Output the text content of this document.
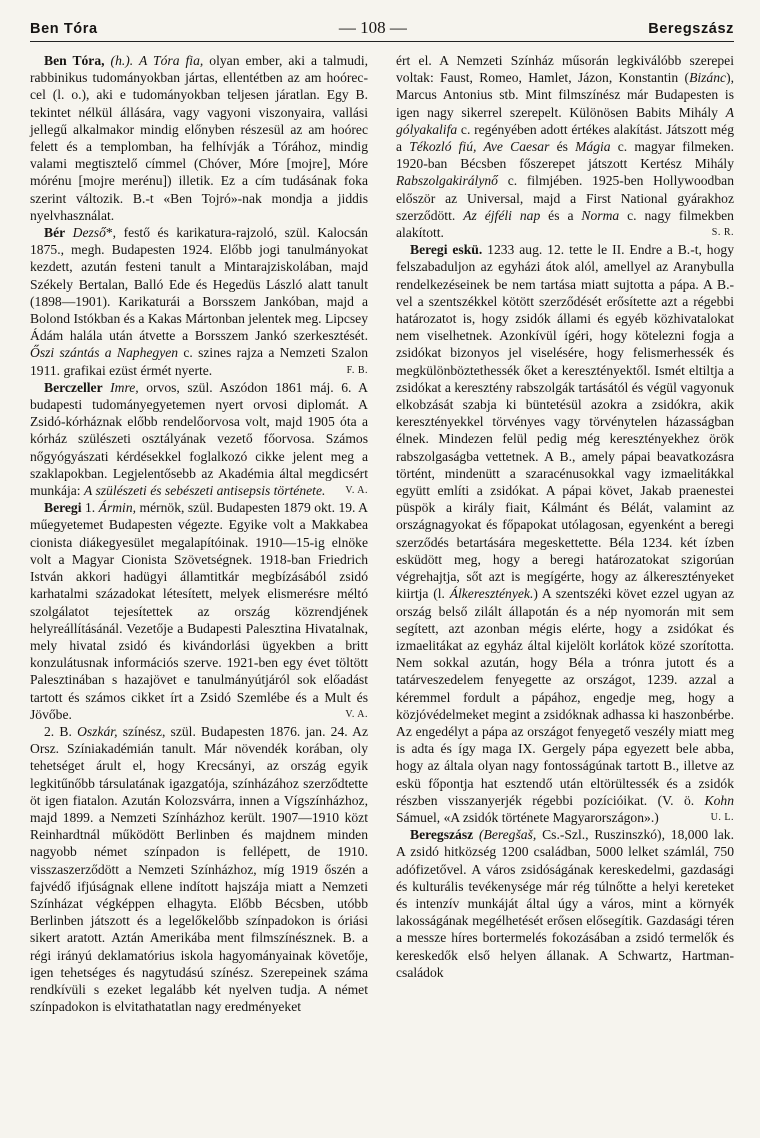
Ben Tóra	— 108 —	Beregszász

Ben Tóra, (h.). A Tóra fia, olyan ember, aki a talmudi, rabbinikus tudományokban jártas, ellentétben az am hoórec-cel (l. o.), aki e tudományokban teljesen járatlan. Egy B. tekintet nélkül állására, vagy vagyoni viszonyaira, vallási jellegű alkalmakor mindig előnyben részesül az am hoórec felett és a templomban, ha felhívják a Tórához, mindig valami megtisztelő címmel (Chóver, Móre [mojre], Móre mórénu [mojre merénu]) illetik. Ez a cím tudásának foka szerint változik. B.-t «Ben Tojró»-nak mondja a jiddis nyelvhasználat.

Bér Dezső*, festő és karikatura-rajzoló, szül. Kalocsán 1875., megh. Budapesten 1924. Előbb jogi tanulmányokat kezdett, azután festeni tanult a Mintarajziskolában, majd Székely Bertalan, Balló Ede és Hegedüs László alatt tanult (1898—1901). Karikaturái a Borsszem Jankóban, majd a Bolond Istókban és a Kakas Mártonban jelentek meg. Lipcsey Ádám halála után átvette a Borsszem Jankó szerkesztését. Őszi szántás a Naphegyen c. szines rajza a Nemzeti Szalon 1911. grafikai ezüst érmét nyerte.	F. B.

Berczeller Imre, orvos, szül. Aszódon 1861 máj. 6. A budapesti tudományegyetemen nyert orvosi diplomát. A Zsidó-kórháznak előbb rendelőorvosa volt, majd 1905 óta a kórház szülészeti osztályának vezető főorvosa. Számos nőgyógyászati kérdésekkel foglalkozó cikke jelent meg a szaklapokban. Legjelentősebb az Akadémia által megdicsért munkája: A szülészeti és sebészeti antisepsis története.	V. A.

Beregi 1. Ármin, mérnök, szül. Budapesten 1879 okt. 19. A műegyetemet Budapesten végezte. Egyike volt a Makkabea cionista diákegyesület megalapítóinak. 1910—15-ig elnöke volt a Magyar Cionista Szövetségnek. 1918-ban Friedrich István akkori hadügyi államtitkár megbízásából zsidó karhatalmi századokat létesített, melyek elismerésre méltó szolgálatot tejesítettek az ország közrendjének helyreállításánál. Vezetője a Budapesti Palesztina Hivatalnak, mely hivatal zsidó és kivándorlási ügyekben a britt konzulátusnak információs szerve. 1921-ben egy évet töltött Palesztinában s hazajövet e tanulmányútjáról sok előadást tartott és számos cikket írt a Zsidó Szemlébe és a Mult és Jövőbe.	V. A.

2. B. Oszkár, színész, szül. Budapesten 1876. jan. 24. Az Orsz. Színiakadémián tanult. Már növendék korában, oly tehetséget árult el, hogy Krecsányi, az ország egyik legkitűnőbb társulatának igazgatója, színházához szerződtette öt igen fiatalon. Azután Kolozsvárra, innen a Vígszínházhoz, majd 1899. a Nemzeti Színházhoz került. 1907—1910 közt Reinhardtnál működött Berlinben és majdnem minden nagyobb német színpadon is fellépett, de 1910. visszaszerződött a Nemzeti Színházhoz, míg 1919 őszén a fajvédő ifjúságnak ellene indított hajszája miatt a Nemzeti Színházat végképpen elhagyta. Előbb Bécsben, utóbb Berlinben játszott és a legelőkelőbb színpadokon is óriási sikert aratott. Aztán Amerikába ment filmszínésznek. B. a régi irányú deklamatórius iskola hagyományainak követője, igen tehetséges és nagytudású színész. Szerepeinek száma rendkívüli s ezeket legalább két nyelven tudja. A német színpadokon is elvitathatatlan nagy eredményeket

ért el. A Nemzeti Színház műsorán legkiválóbb szerepei voltak: Faust, Romeo, Hamlet, Jázon, Konstantin (Bizánc), Marcus Antonius stb. Mint filmszínész már Budapesten is igen nagy sikerrel szerepelt. Különösen Babits Mihály A gólyakalifa c. regényében adott értékes alakítást. Játszott még a Tékozló fiú, Ave Caesar és Mágia c. magyar filmeken. 1920-ban Bécsben főszerepet játszott Kertész Mihály Rabszolgakirálynő c. filmjében. 1925-ben Hollywoodban először az Universal, majd a First National gyárakhoz szerződött. Az éjféli nap és a Norma c. nagy filmekben alakított.	S. R.

Beregi eskü. 1233 aug. 12. tette le II. Endre a B.-t, hogy felszabaduljon az egyházi átok alól, amellyel az Aranybulla rendelkezéseinek be nem tartása miatt sujtotta a pápa. A B.-vel a szentszékkel kötött szerződését erősítette azt a régebbi határozatot is, hogy zsidók állami és egyéb közhivatalokat nem viselhetnek. Azonkívül ígéri, hogy kötelezni fogja a zsidókat bizonyos jel viselésére, hogy felismerhessék és megkülönböztethessék őket a keresztényektől. Ismét eltiltja a zsidókat a keresztény rabszolgák tartásától és végül vagyonuk elkobzását szabja ki büntetésül azokra a zsidókra, akik keresztényekkel törvényes vagy törvénytelen házasságban élnek. Mindezen felül pedig még keresztényekhez örök rabszolgaságba vettetnek. A B., amely pápai beavatkozásra történt, mindenütt a szaracénusokkal vagy izmaelitákkal együtt említi a zsidókat. A pápai követ, Jakab praenestei püspök a király fiait, Kálmánt és Bélát, valamint az országnagyokat és főpapokat utólagosan, egyenként a beregi szerződés betartására megeskettette. Béla 1234. két ízben esküdött meg, hogy a beregi határozatokat szigorúan végrehajtja, sőt azt is megígérte, hogy az álkeresztényeket kiirtja (l. Álkeresztények.) A szentszéki követ ezzel ugyan az ország belső zilált állapotán és a nép nyomorán mit sem segített, azt azonban mégis elérte, hogy a zsidókat és izmaelitákat az egyház által kijelölt korlátok közé szorította. Nem sokkal azután, hogy Béla a trónra jutott és a tatárveszedelem fenyegette az országot, 1239. azzal a kéremmel fordult a pápához, engedje meg, hogy a közjóvédelmeket megint a zsidóknak adhassa ki haszonbérbe. Az engedélyt a pápa az országot fenyegető veszély miatt meg is adta és így maga IX. Gergely pápa egyezett bele abba, hogy az általa olyan nagy fontosságúnak tartott B., illetve az eskü főpontja hat esztendő után eltörültessék és a zsidók részben visszanyerjék régebbi pozícióikat. (V. ö. Kohn Sámuel, «A zsidók története Magyarországon».)	U. L.

Beregszász (Beregšaš, Cs.-Szl., Ruszinszkó), 18,000 lak. A zsidó hitközség 1200 családban, 5000 lelket számlál, 750 adófizetővel. A város zsidóságának kereskedelmi, gazdasági és kulturális tevékenysége már rég túlnőtte a helyi kereteket és intenzív munkáját által úgy a város, mint a környék lakosságának megélhetését erősen elősegítik. Gazdasági téren a messze híres bortermelés fokozásában a zsidó termelők és kereskedők első helyen állanak. A Schwartz, Hartman-családok
